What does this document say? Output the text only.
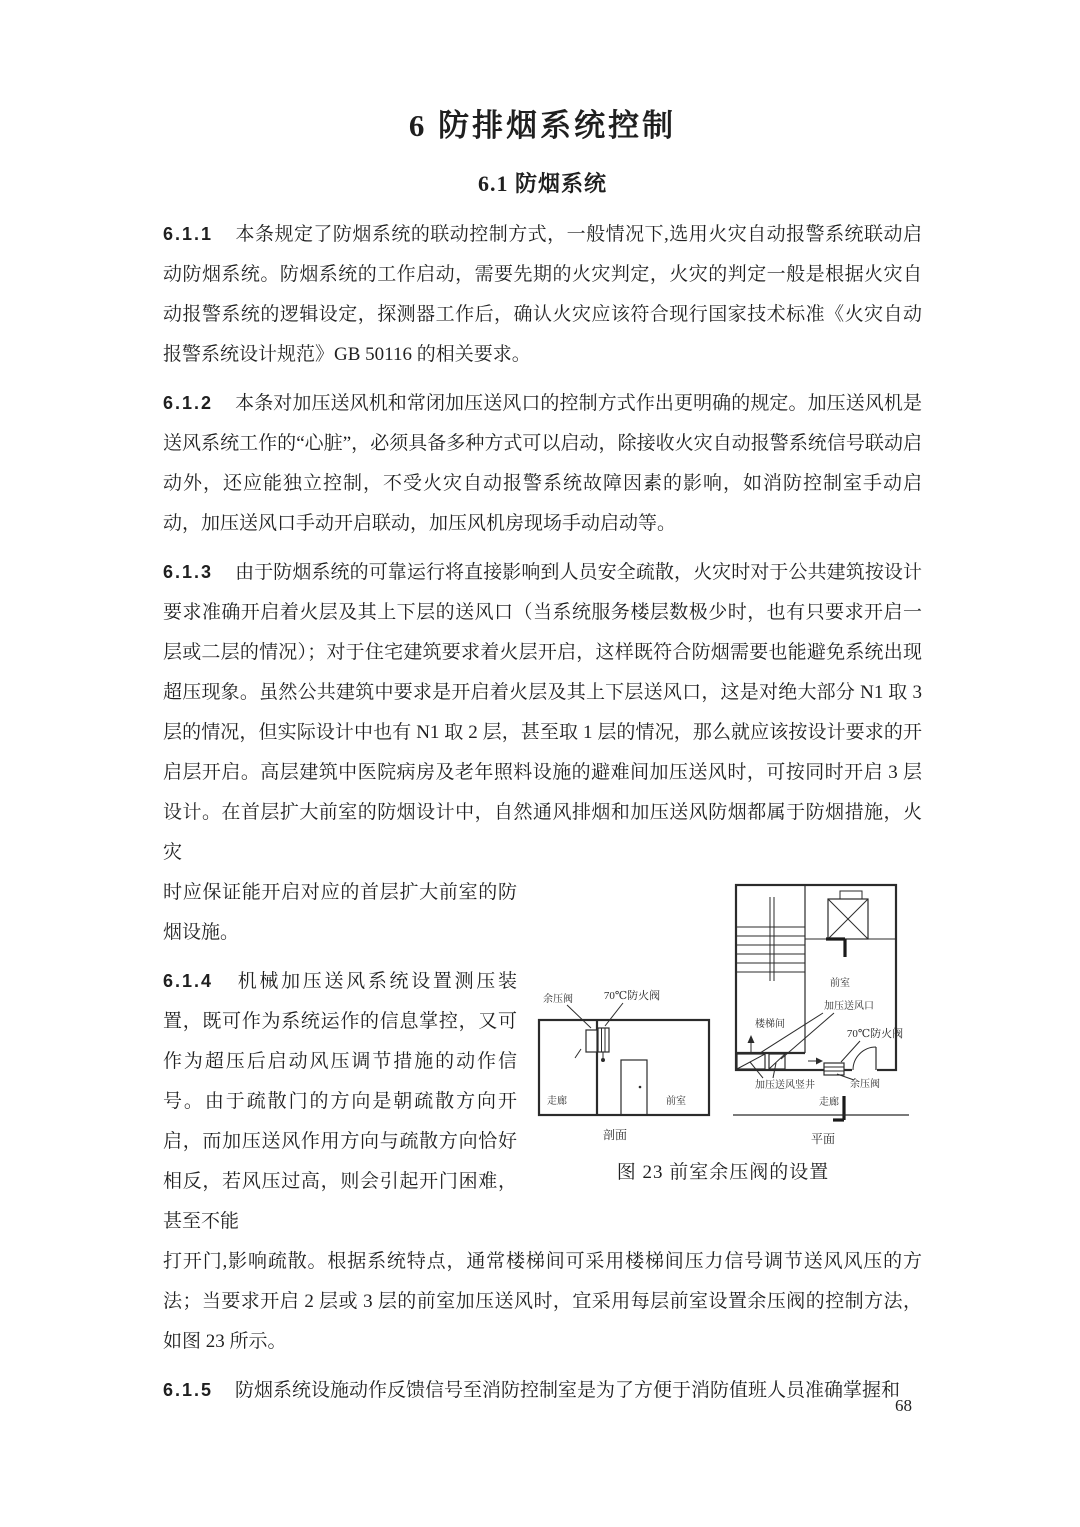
6 防排烟系统控制
6.1 防烟系统

6.1.1 本条规定了防烟系统的联动控制方式，一般情况下,选用火灾自动报警系统联动启动防烟系统。防烟系统的工作启动，需要先期的火灾判定，火灾的判定一般是根据火灾自动报警系统的逻辑设定，探测器工作后，确认火灾应该符合现行国家技术标准《火灾自动报警系统设计规范》GB 50116 的相关要求。

6.1.2 本条对加压送风机和常闭加压送风口的控制方式作出更明确的规定。加压送风机是送风系统工作的“心脏”，必须具备多种方式可以启动，除接收火灾自动报警系统信号联动启动外，还应能独立控制，不受火灾自动报警系统故障因素的影响，如消防控制室手动启动，加压送风口手动开启联动，加压风机房现场手动启动等。

6.1.3 由于防烟系统的可靠运行将直接影响到人员安全疏散，火灾时对于公共建筑按设计要求准确开启着火层及其上下层的送风口（当系统服务楼层数极少时，也有只要求开启一层或二层的情况）；对于住宅建筑要求着火层开启，这样既符合防烟需要也能避免系统出现超压现象。虽然公共建筑中要求是开启着火层及其上下层送风口，这是对绝大部分 N1 取 3 层的情况，但实际设计中也有 N1 取 2 层，甚至取 1 层的情况，那么就应该按设计要求的开启层开启。高层建筑中医院病房及老年照料设施的避难间加压送风时，可按同时开启 3 层设计。在首层扩大前室的防烟设计中，自然通风排烟和加压送风防烟都属于防烟措施，火灾

时应保证能开启对应的首层扩大前室的防烟设施。

6.1.4 机械加压送风系统设置测压装置，既可作为系统运作的信息掌控，又可作为超压后启动风压调节措施的动作信号。由于疏散门的方向是朝疏散方向开启，而加压送风作用方向与疏散方向恰好相反，若风压过高，则会引起开门困难，甚至不能

余压阀	70℃防火阀
走廊	前室
剖面
前室
加压送风口
楼梯间
70℃防火阀
加压送风竖井	余压阀
走廊
平面
图 23 前室余压阀的设置

打开门,影响疏散。根据系统特点，通常楼梯间可采用楼梯间压力信号调节送风风压的方法；当要求开启 2 层或 3 层的前室加压送风时，宜采用每层前室设置余压阀的控制方法，如图 23 所示。

6.1.5 防烟系统设施动作反馈信号至消防控制室是为了方便于消防值班人员准确掌握和

68
